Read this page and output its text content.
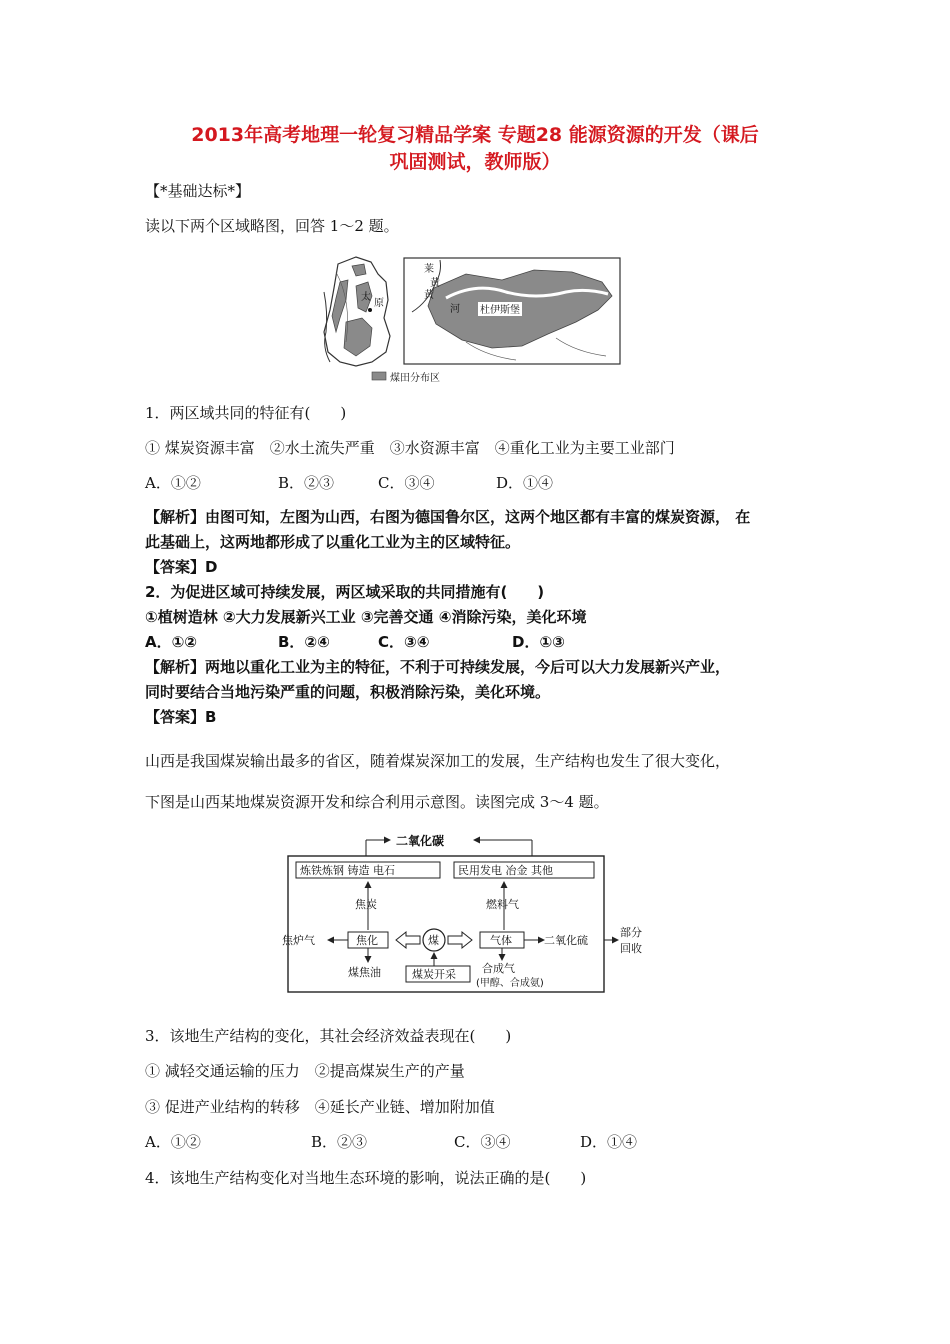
2013年高考地理一轮复习精品学案 专题28 能源资源的开发（课后
巩固测试，教师版）
【*基础达标*】
读以下两个区域略图，回答 1～2 题。
太
原
莱
黄
黄
河 杜伊斯堡
煤田分布区
1．两区域共同的特征有(　　)
① 煤炭资源丰富　②水土流失严重　③水资源丰富　④重化工业为主要工业部门
A．①②	B．②③	C．③④	D．①④
【解析】由图可知，左图为山西，右图为德国鲁尔区，这两个地区都有丰富的煤炭资源， 在
此基础上，这两地都形成了以重化工业为主的区域特征。
【答案】D
2．为促进区域可持续发展，两区域采取的共同措施有(　　)
①植树造林 ②大力发展新兴工业 ③完善交通 ④消除污染，美化环境
A．①②	B．②④	C．③④	D．①③
【解析】两地以重化工业为主的特征，不利于可持续发展，今后可以大力发展新兴产业，
同时要结合当地污染严重的问题，积极消除污染，美化环境。
【答案】B
山西是我国煤炭输出最多的省区，随着煤炭深加工的发展，生产结构也发生了很大变化，
下图是山西某地煤炭资源开发和综合利用示意图。读图完成 3～4 题。
二氧化碳
炼铁炼钢 铸造 电石	民用发电 冶金 其他
焦炭	燃料气
焦化
焦炉气	煤	气体	二氧化硫
部分
回收
煤焦油	煤炭开采 合成气
(甲醇、合成氨)
3．该地生产结构的变化，其社会经济效益表现在(　　)
① 减轻交通运输的压力　②提高煤炭生产的产量
③ 促进产业结构的转移　④延长产业链、增加附加值
A．①②	B．②③	C．③④	D．①④
4．该地生产结构变化对当地生态环境的影响，说法正确的是(　　)
